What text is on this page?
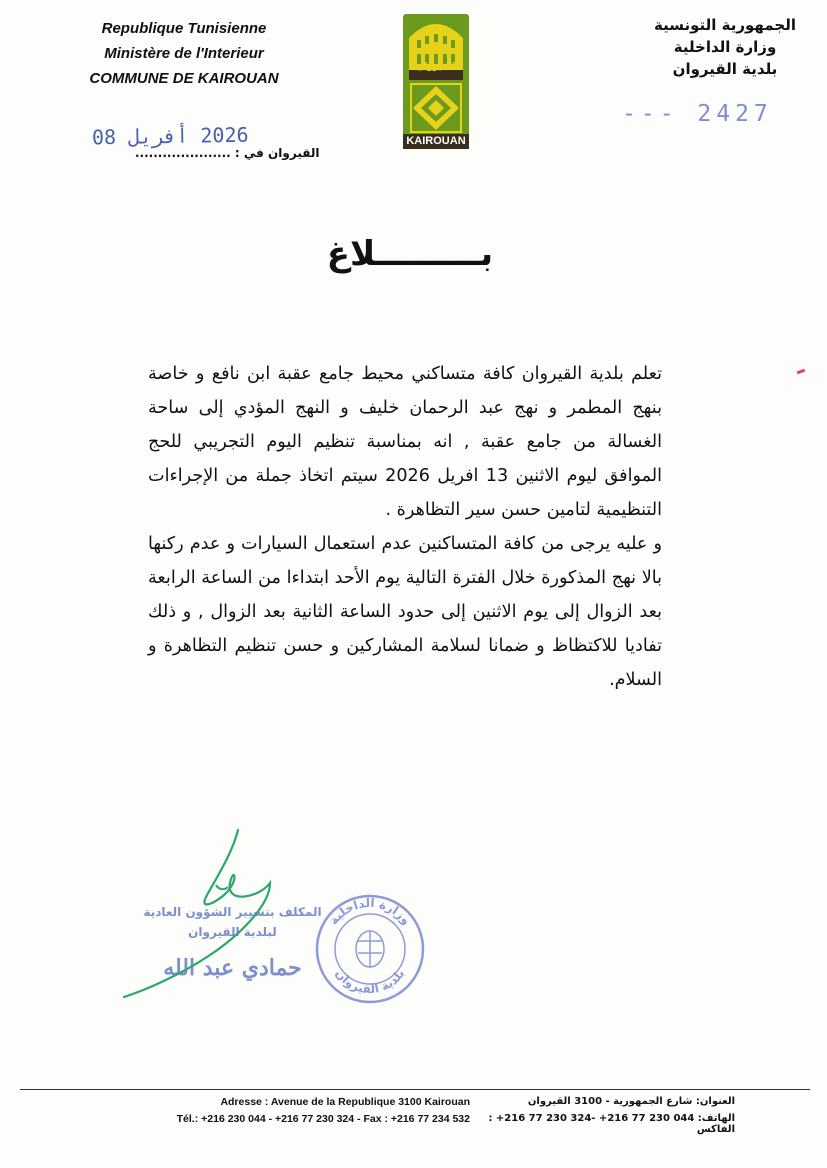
Republique Tunisienne
Ministère de l'Interieur
COMMUNE DE KAIROUAN
الجمهورية التونسية
وزارة الداخلية
بلدية القيروان
KAIROUAN
القيروان
2026 أفريل 08
القيروان في : .....................
--- 2427
بـــــــــلاغ

تعلم بلدية القيروان كافة متساكني محيط جامع عقبة ابن نافع و خاصة بنهج المطمر و نهج عبد الرحمان خليف و النهج المؤدي إلى ساحة الغسالة من جامع عقبة , انه بمناسبة تنظيم اليوم التجريبي للحج الموافق ليوم الاثنين 13 افريل 2026 سيتم اتخاذ جملة من الإجراءات التنظيمية لتامين حسن سير التظاهرة .

و عليه يرجى من كافة المتساكنين عدم استعمال السيارات و عدم ركنها بالا نهج المذكورة خلال الفترة التالية يوم الأحد ابتداءا من الساعة الرابعة بعد الزوال إلى يوم الاثنين إلى حدود الساعة الثانية بعد الزوال , و ذلك تفاديا للاكتظاظ و ضمانا لسلامة المشاركين و حسن تنظيم التظاهرة و السلام.

المكلف بتسيير الشؤون العادية
لبلدية القيروان
حمادي عبد الله
وزارة الداخلية
بلدية القيروان
Adresse : Avenue de la Republique 3100 Kairouan
Tél.: +216 230 044 - +216 77 230 324 - Fax : +216 77 234 532
العنوان: شارع الجمهورية - 3100 القيروان
الهاتف: 044 230 77 216+ -324 230 77 216+ : الفاكس
